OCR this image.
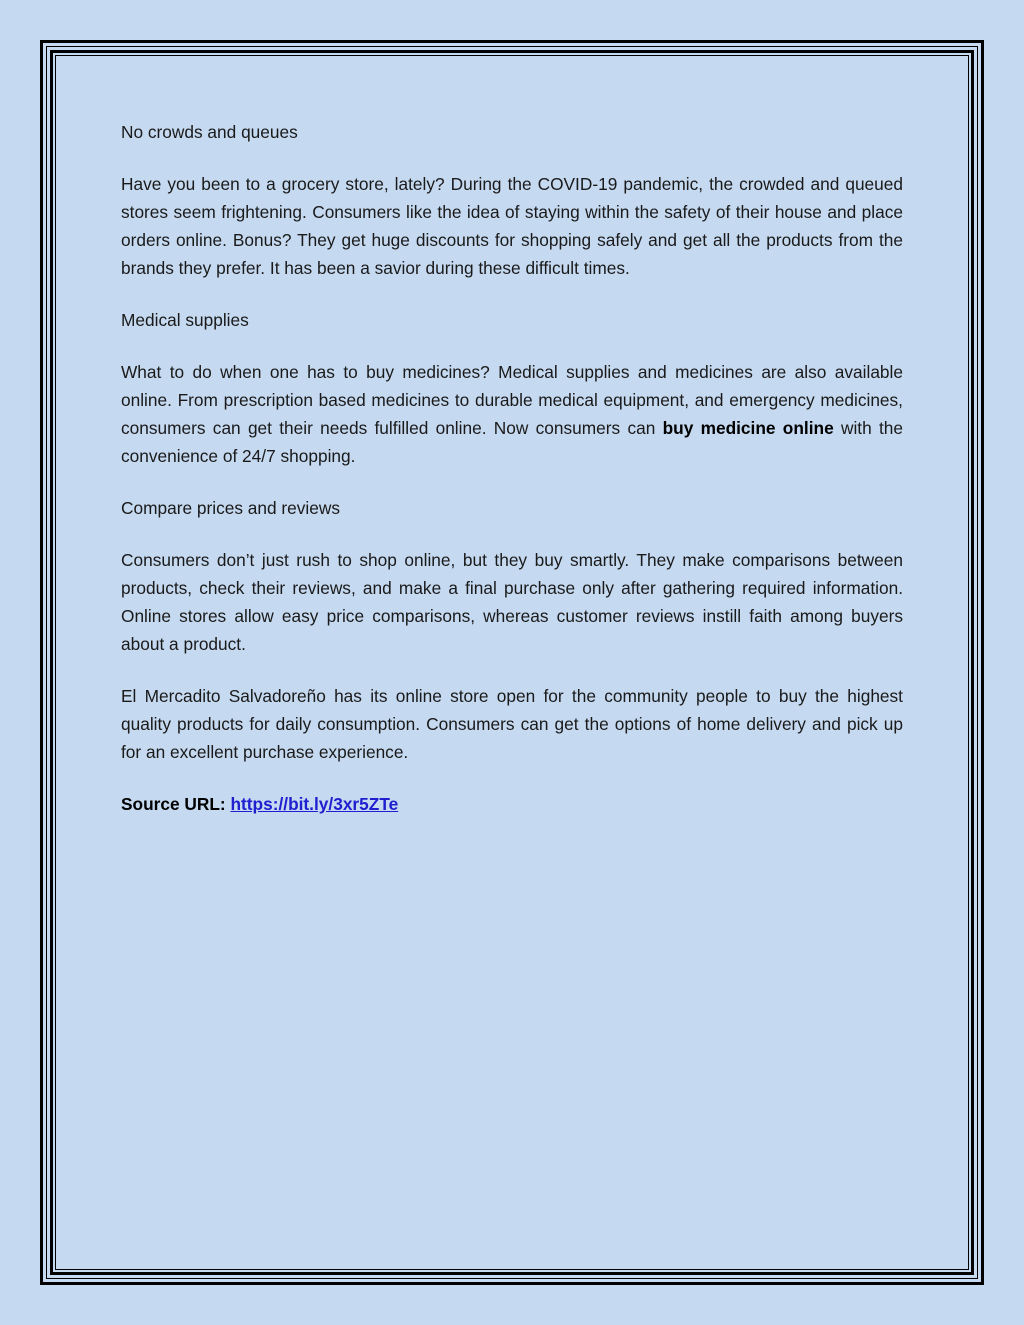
No crowds and queues

Have you been to a grocery store, lately? During the COVID-19 pandemic, the crowded and queued stores seem frightening. Consumers like the idea of staying within the safety of their house and place orders online. Bonus? They get huge discounts for shopping safely and get all the products from the brands they prefer. It has been a savior during these difficult times.

Medical supplies

What to do when one has to buy medicines? Medical supplies and medicines are also available online. From prescription based medicines to durable medical equipment, and emergency medicines, consumers can get their needs fulfilled online. Now consumers can buy medicine online with the convenience of 24/7 shopping.

Compare prices and reviews

Consumers don’t just rush to shop online, but they buy smartly. They make comparisons between products, check their reviews, and make a final purchase only after gathering required information. Online stores allow easy price comparisons, whereas customer reviews instill faith among buyers about a product.

El Mercadito Salvadoreño has its online store open for the community people to buy the highest quality products for daily consumption. Consumers can get the options of home delivery and pick up for an excellent purchase experience.

Source URL: https://bit.ly/3xr5ZTe
